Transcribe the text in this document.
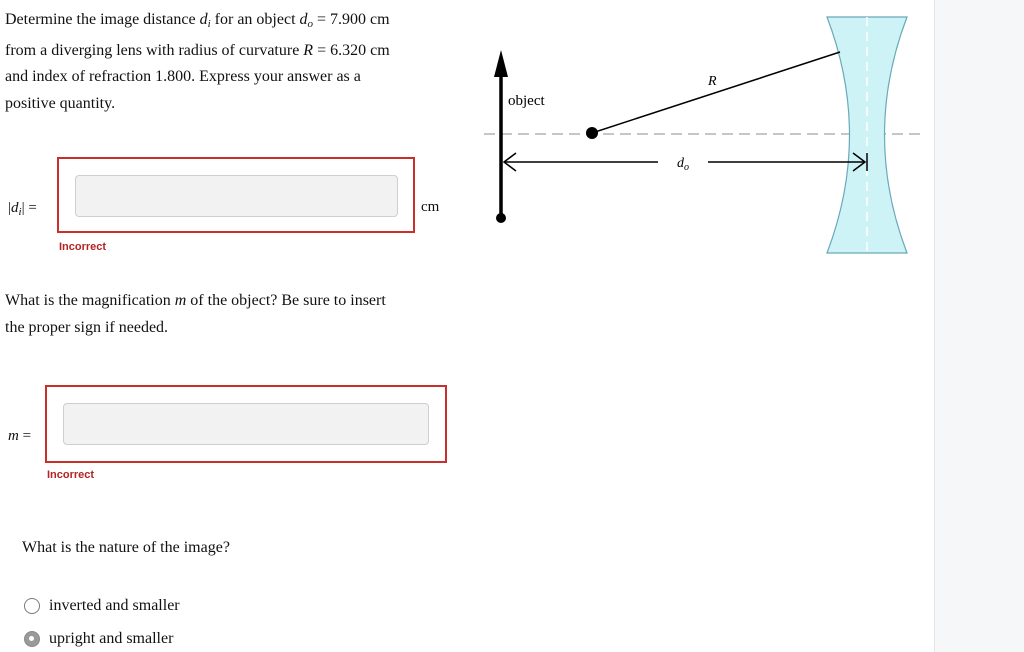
Determine the image distance $d_i$ for an object $d_o = 7.900$ cm

from a diverging lens with radius of curvature R = 6.320 cm

and index of refraction 1.800. Express your answer as a

positive quantity.

$|d_i|$ =	cm
Incorrect

What is the magnification m of the object? Be sure to insert
the proper sign if needed.

m =
Incorrect

What is the nature of the image?

inverted and smaller
upright and smaller
object
R
$d_o$
